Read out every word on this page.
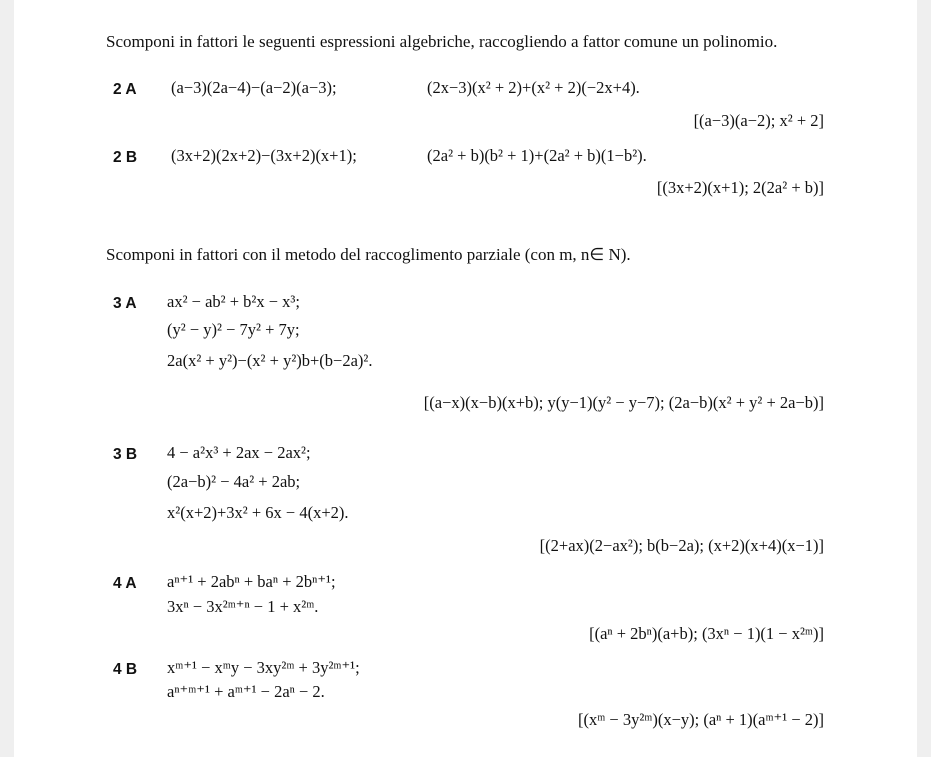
Scomponi in fattori le seguenti espressioni algebriche, raccogliendo a fattor comune un polinomio.
2 A (a−3)(2a−4)−(a−2)(a−3);	(2x−3)(x² + 2)+(x² + 2)(−2x+4).
[(a−3)(a−2); x² + 2]
2 B (3x+2)(2x+2)−(3x+2)(x+1);	(2a² + b)(b² + 1)+(2a² + b)(1−b²).
[(3x+2)(x+1); 2(2a² + b)]
Scomponi in fattori con il metodo del raccoglimento parziale (con m, n∈ N).
3 A ax² − ab² + b²x − x³;
(y² − y)² − 7y² + 7y;
2a(x² + y²)−(x² + y²)b+(b−2a)².
[(a−x)(x−b)(x+b); y(y−1)(y² − y−7); (2a−b)(x² + y² + 2a−b)]
3 B 4 − a²x³ + 2ax − 2ax²;
(2a−b)² − 4a² + 2ab;
x²(x+2)+3x² + 6x − 4(x+2).
[(2+ax)(2−ax²); b(b−2a); (x+2)(x+4)(x−1)]
4 A aⁿ⁺¹ + 2abⁿ + baⁿ + 2bⁿ⁺¹;
3xⁿ − 3x²ᵐ⁺ⁿ − 1 + x²ᵐ.
[(aⁿ + 2bⁿ)(a+b); (3xⁿ − 1)(1 − x²ᵐ)]
4 B xᵐ⁺¹ − xᵐy − 3xy²ᵐ + 3y²ᵐ⁺¹;
aⁿ⁺ᵐ⁺¹ + aᵐ⁺¹ − 2aⁿ − 2.
[(xᵐ − 3y²ᵐ)(x−y); (aⁿ + 1)(aᵐ⁺¹ − 2)]
